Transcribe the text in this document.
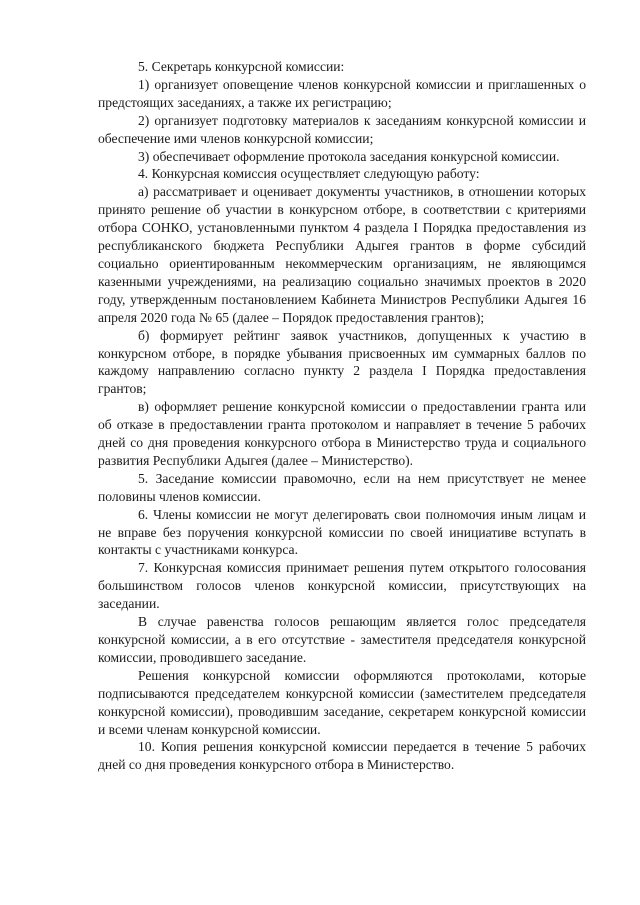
5. Секретарь конкурсной комиссии:

1) организует оповещение членов конкурсной комиссии и приглашенных о предстоящих заседаниях, а также их регистрацию;

2) организует подготовку материалов к заседаниям конкурсной комиссии и обеспечение ими членов конкурсной комиссии;

3) обеспечивает оформление протокола заседания конкурсной комиссии.

4. Конкурсная комиссия осуществляет следующую работу:

а) рассматривает и оценивает документы участников, в отношении которых принято решение об участии в конкурсном отборе, в соответствии с критериями отбора СОНКО, установленными пунктом 4 раздела I Порядка предоставления из республиканского бюджета Республики Адыгея грантов в форме субсидий социально ориентированным некоммерческим организациям, не являющимся казенными учреждениями, на реализацию социально значимых проектов в 2020 году, утвержденным постановлением Кабинета Министров Республики Адыгея 16 апреля 2020 года № 65 (далее – Порядок предоставления грантов);

б) формирует рейтинг заявок участников, допущенных к участию в конкурсном отборе, в порядке убывания присвоенных им суммарных баллов по каждому направлению согласно пункту 2 раздела I Порядка предоставления грантов;

в) оформляет решение конкурсной комиссии о предоставлении гранта или об отказе в предоставлении гранта протоколом и направляет в течение 5 рабочих дней со дня проведения конкурсного отбора в Министерство труда и социального развития Республики Адыгея (далее – Министерство).

5. Заседание комиссии правомочно, если на нем присутствует не менее половины членов комиссии.

6. Члены комиссии не могут делегировать свои полномочия иным лицам и не вправе без поручения конкурсной комиссии по своей инициативе вступать в контакты с участниками конкурса.

7. Конкурсная комиссия принимает решения путем открытого голосования большинством голосов членов конкурсной комиссии, присутствующих на заседании.

В случае равенства голосов решающим является голос председателя конкурсной комиссии, а в его отсутствие - заместителя председателя конкурсной комиссии, проводившего заседание.

Решения конкурсной комиссии оформляются протоколами, которые подписываются председателем конкурсной комиссии (заместителем председателя конкурсной комиссии), проводившим заседание, секретарем конкурсной комиссии и всеми членам конкурсной комиссии.

10. Копия решения конкурсной комиссии передается в течение 5 рабочих дней со дня проведения конкурсного отбора в Министерство.
